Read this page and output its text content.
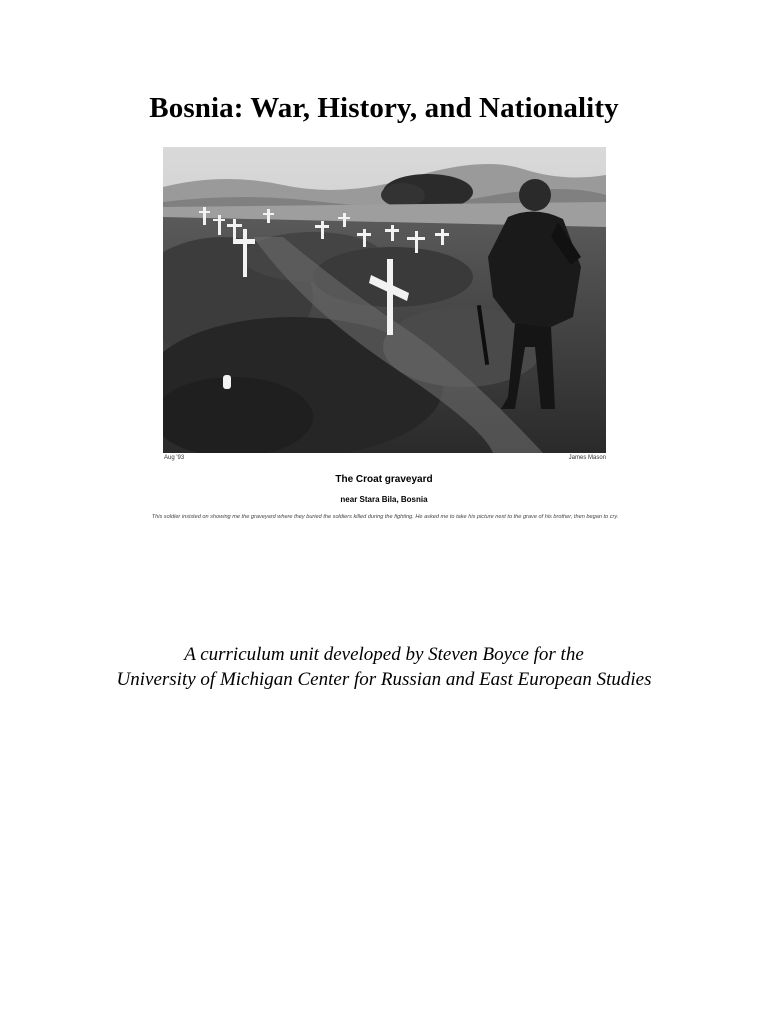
Bosnia: War, History, and Nationality
Aug '93	James Mason
The Croat graveyard
near Stara Bila, Bosnia
This soldier insisted on showing me the graveyard where they buried the soldiers killed during the fighting. He asked me to take his picture next to the grave of his brother, then began to cry.
A curriculum unit developed by Steven Boyce for the
University of Michigan Center for Russian and East European Studies
